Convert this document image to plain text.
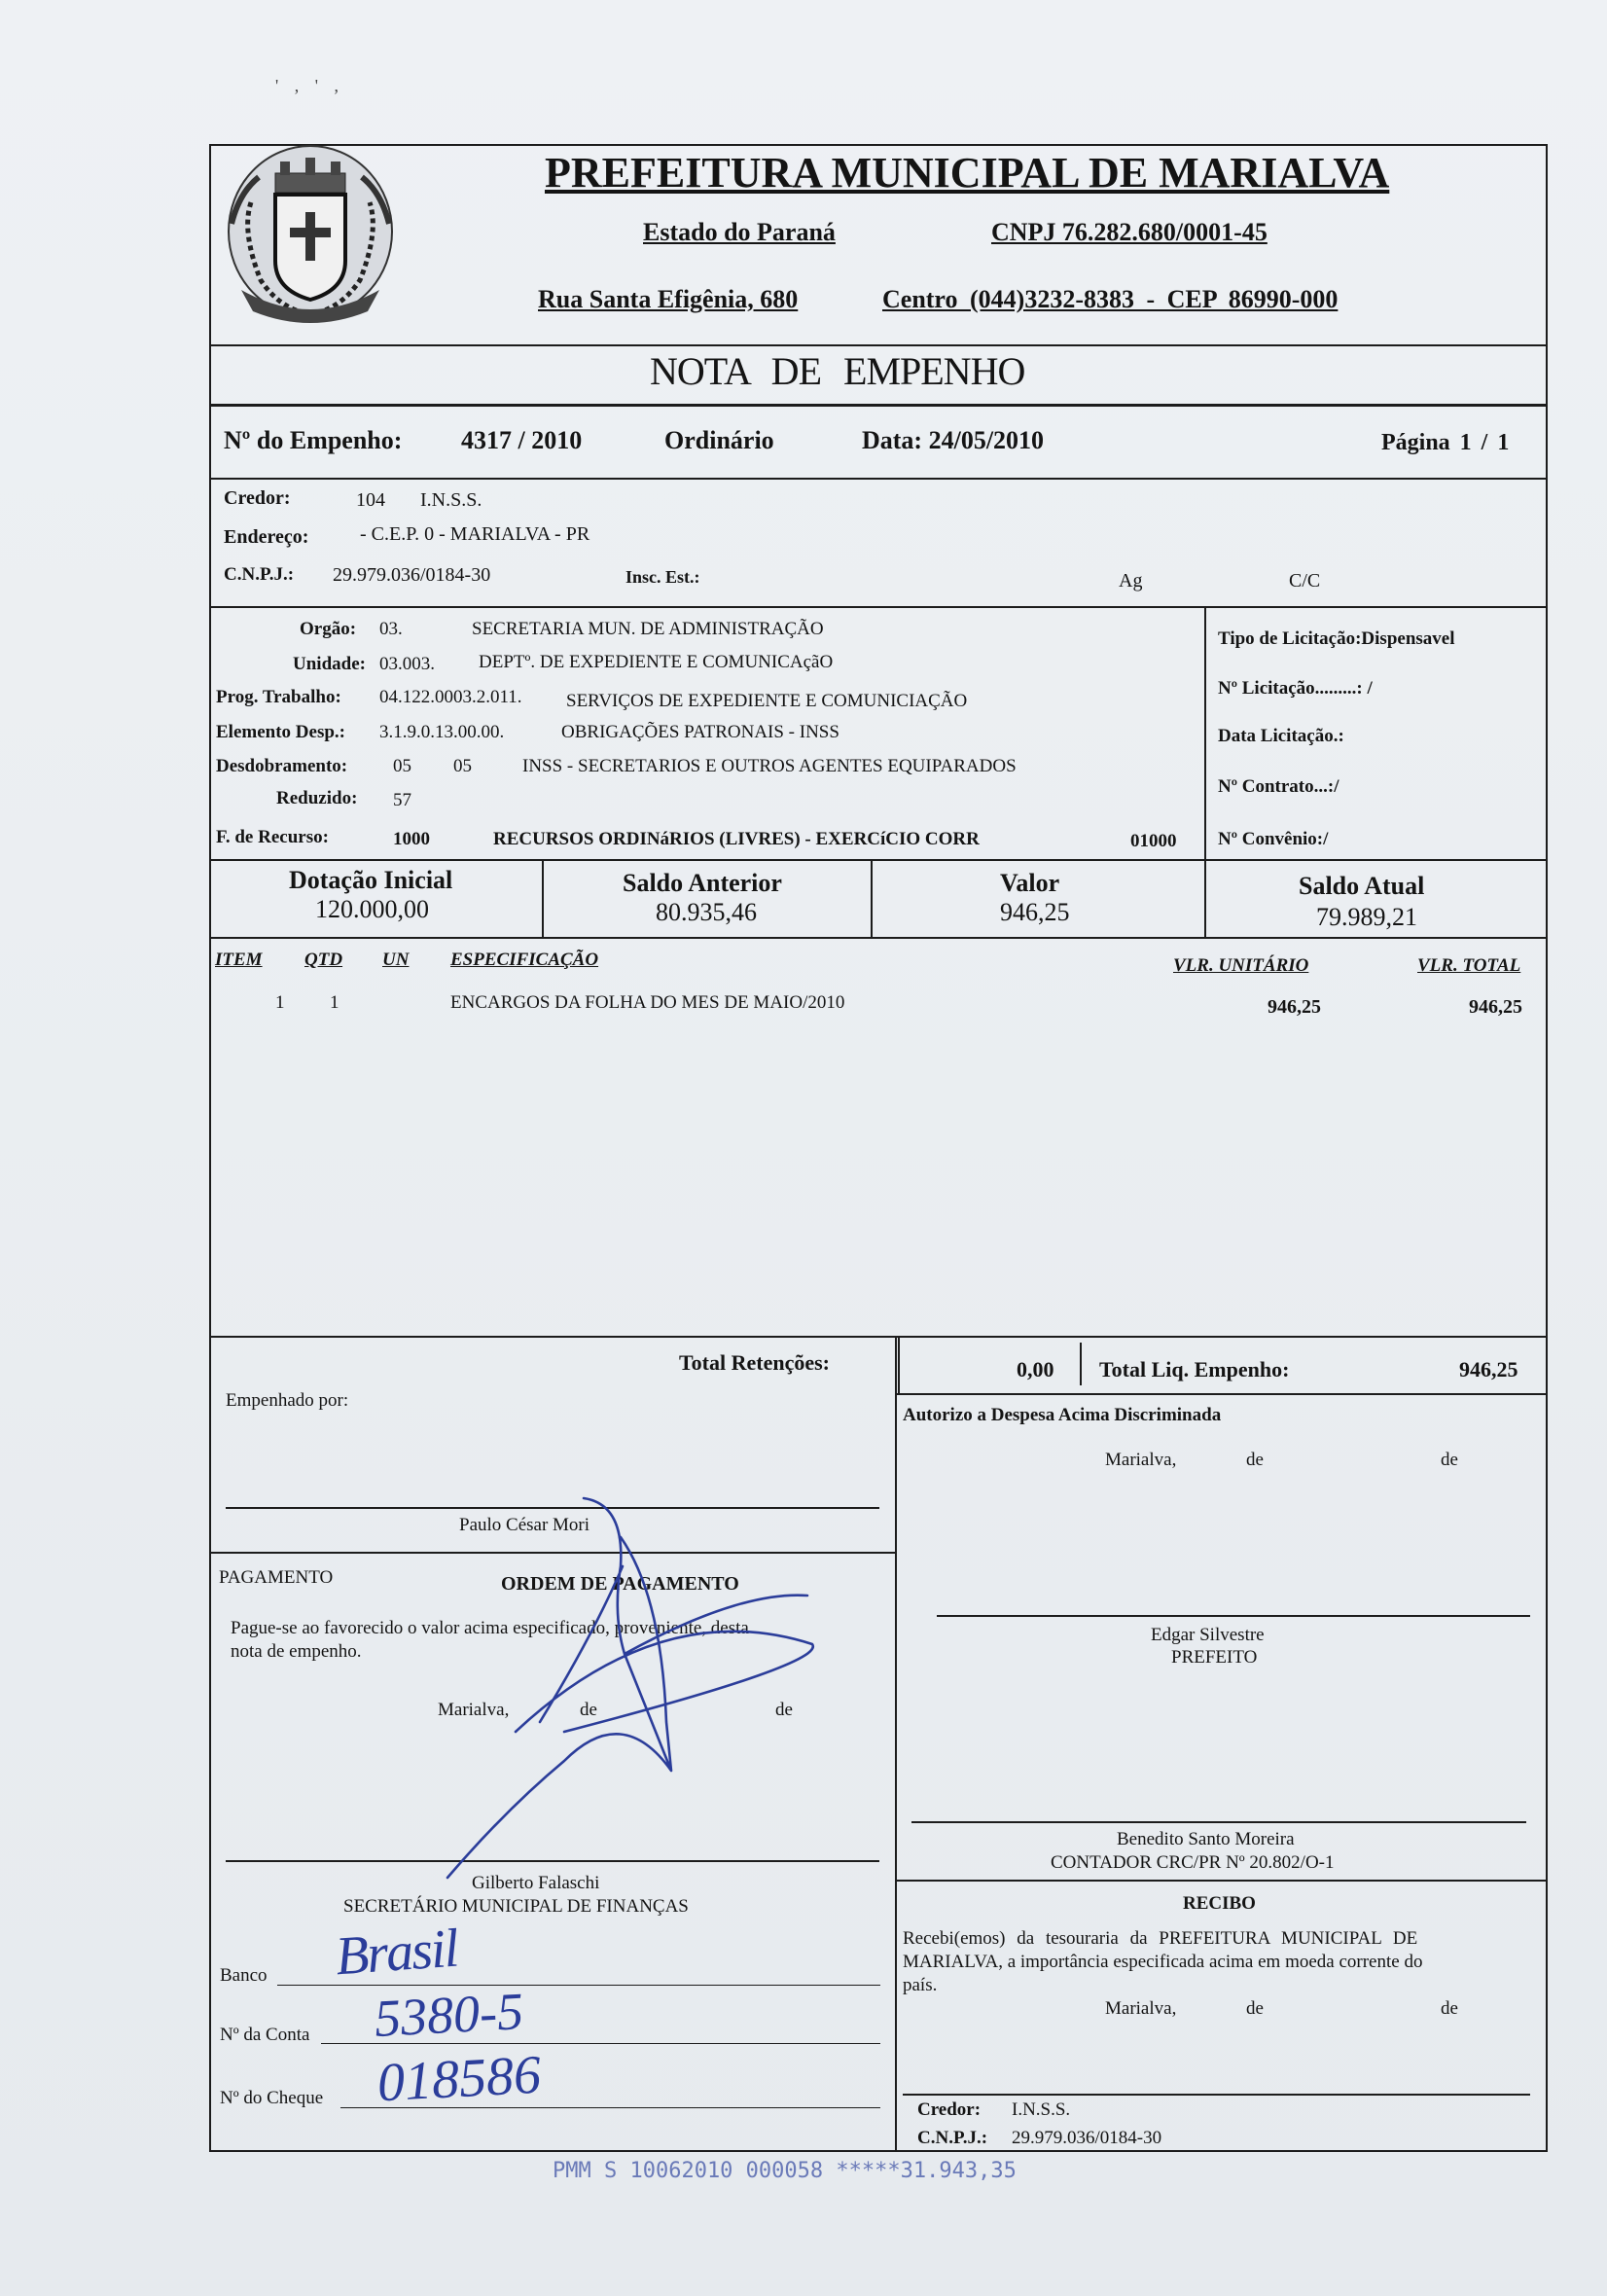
' , ' ,
PREFEITURA MUNICIPAL DE MARIALVA
Estado do Paraná	CNPJ 76.282.680/0001-45
Rua Santa Efigênia, 680	Centro (044)3232-8383 - CEP 86990-000
NOTA DE EMPENHO
Nº do Empenho: 4317 / 2010	Ordinário	Data: 24/05/2010	Página 1 / 1
Credor:	104 I.N.S.S.
Endereço:	- C.E.P. 0 - MARIALVA - PR
C.N.P.J.: 29.979.036/0184-30	Insc. Est.:	Ag	C/C
Orgão: 03.	SECRETARIA MUN. DE ADMINISTRAÇÃO
Unidade: 03.003. DEPTº. DE EXPEDIENTE E COMUNICAçãO
Prog. Trabalho: 04.122.0003.2.011. SERVIÇOS DE EXPEDIENTE E COMUNICIAÇÃO
Elemento Desp.: 3.1.9.0.13.00.00.	OBRIGAÇÕES PATRONAIS - INSS
Desdobramento: 05 05	INSS - SECRETARIOS E OUTROS AGENTES EQUIPARADOS
Reduzido: 57
F. de Recurso:	1000	RECURSOS ORDINáRIOS (LIVRES) - EXERCíCIO CORR	01000
Tipo de Licitação:Dispensavel
Nº Licitação.........: /
Data Licitação.:
Nº Contrato...:/
Nº Convênio:/
Dotação Inicial
120.000,00
Saldo Anterior
80.935,46
Valor
946,25
Saldo Atual
79.989,21
ITEM QTD UN ESPECIFICAÇÃO	VLR. UNITÁRIO	VLR. TOTAL
1 1	ENCARGOS DA FOLHA DO MES DE MAIO/2010	946,25	946,25
Total Retenções:	0,00 Total Liq. Empenho:	946,25
Empenhado por:
Paulo César Mori
PAGAMENTO	ORDEM DE PAGAMENTO
Pague-se ao favorecido o valor acima especificado, proveniente, desta
nota de empenho.
Marialva,	de	de
Gilberto Falaschi
SECRETÁRIO MUNICIPAL DE FINANÇAS
Banco Brasil
Nº da Conta 5380-5
Nº do Cheque 018586
Autorizo a Despesa Acima Discriminada
Marialva,	de	de
Edgar Silvestre
PREFEITO
Benedito Santo Moreira
CONTADOR CRC/PR Nº 20.802/O-1
RECIBO
Recebi(emos) da tesouraria da PREFEITURA MUNICIPAL DE
MARIALVA, a importância especificada acima em moeda corrente do
país.
Marialva,	de	de
Credor: I.N.S.S.
C.N.P.J.: 29.979.036/0184-30
PMM S 10062010 000058 *****31.943,35
